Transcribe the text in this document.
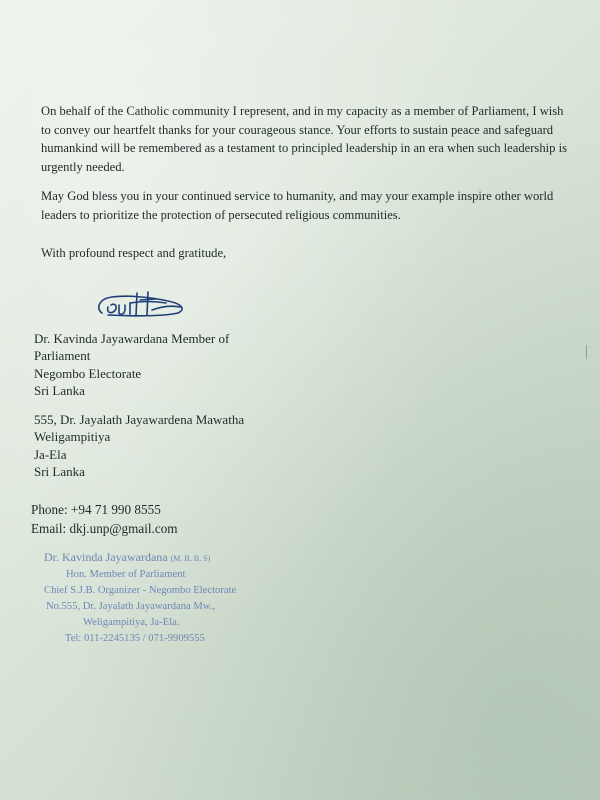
On behalf of the Catholic community I represent, and in my capacity as a member of Parliament, I wish to convey our heartfelt thanks for your courageous stance. Your efforts to sustain peace and safeguard humankind will be remembered as a testament to principled leadership in an era when such leadership is urgently needed.

May God bless you in your continued service to humanity, and may your example inspire other world leaders to prioritize the protection of persecuted religious communities.

With profound respect and gratitude,

Dr. Kavinda Jayawardana Member of
Parliament
Negombo Electorate
Sri Lanka
555, Dr. Jayalath Jayawardena Mawatha
Weligampitiya
Ja-Ela
Sri Lanka
Phone: +94 71 990 8555
Email: dkj.unp@gmail.com
Dr. Kavinda Jayawardana (M. B. B. S)
Hon. Member of Parliament
Chief S.J.B. Organizer - Negombo Electorate
No.555, Dr. Jayalath Jayawardana Mw.,
Weligampitiya, Ja-Ela.
Tel: 011-2245135 / 071-9909555
